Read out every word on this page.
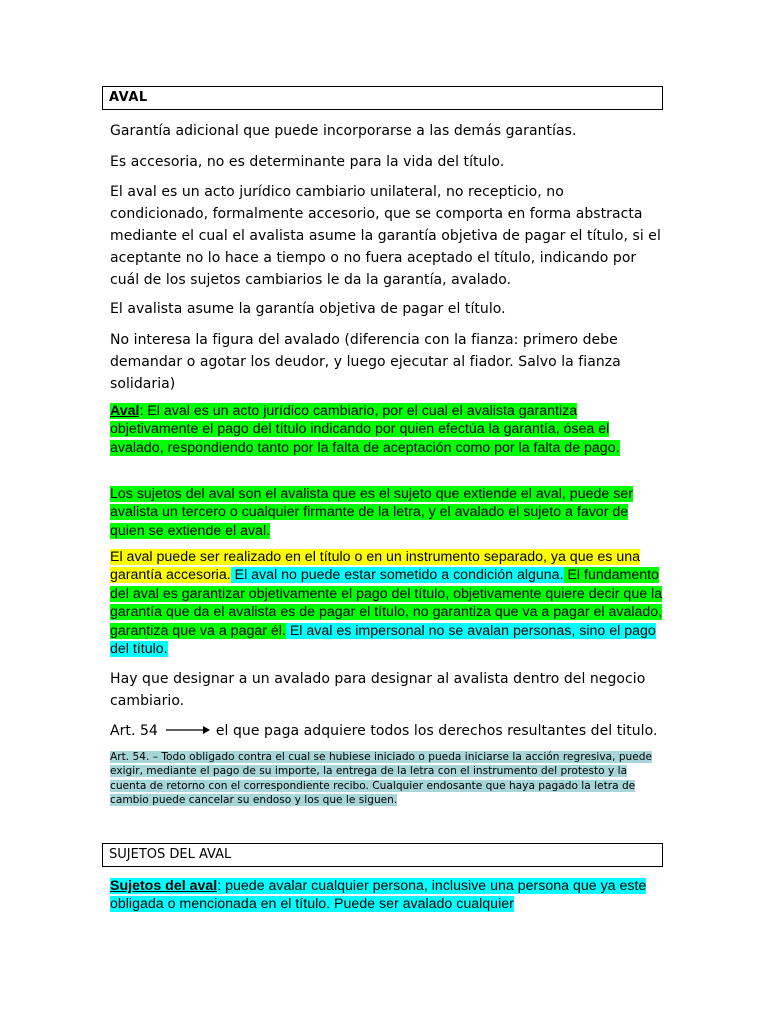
AVAL

Garantía adicional que puede incorporarse a las demás garantías.

Es accesoria, no es determinante para la vida del título.

El aval es un acto jurídico cambiario unilateral, no recepticio, no condicionado, formalmente accesorio, que se comporta en forma abstracta mediante el cual el avalista asume la garantía objetiva de pagar el título, si el aceptante no lo hace a tiempo o no fuera aceptado el título, indicando por cuál de los sujetos cambiarios le da la garantía, avalado.

El avalista asume la garantía objetiva de pagar el título.

No interesa la figura del avalado (diferencia con la fianza: primero debe demandar o agotar los deudor, y luego ejecutar al fiador. Salvo la fianza solidaria)

Aval: El aval es un acto jurídico cambiario, por el cual el avalista garantiza objetivamente el pago del título indicando por quien efectúa la garantía, ósea el avalado, respondiendo tanto por la falta de aceptación como por la falta de pago.

Los sujetos del aval son el avalista que es el sujeto que extiende el aval, puede ser avalista un tercero o cualquier firmante de la letra, y el avalado el sujeto a favor de quien se extiende el aval.

El aval puede ser realizado en el título o en un instrumento separado, ya que es una garantía accesoria. El aval no puede estar sometido a condición alguna. El fundamento del aval es garantizar objetivamente el pago del título, objetivamente quiere decir que la garantía que da el avalista es de pagar el título, no garantiza que va a pagar el avalado, garantiza que va a pagar él. El aval es impersonal no se avalan personas, sino el pago del título.

Hay que designar a un avalado para designar al avalista dentro del negocio cambiario.

Art. 54	el que paga adquiere todos los derechos resultantes del titulo.

Art. 54. – Todo obligado contra el cual se hubiese iniciado o pueda iniciarse la acción regresiva, puede exigir, mediante el pago de su importe, la entrega de la letra con el instrumento del protesto y la cuenta de retorno con el correspondiente recibo. Cualquier endosante que haya pagado la letra de cambio puede cancelar su endoso y los que le siguen.

SUJETOS DEL AVAL

Sujetos del aval: puede avalar cualquier persona, inclusive una persona que ya este obligada o mencionada en el título. Puede ser avalado cualquier
